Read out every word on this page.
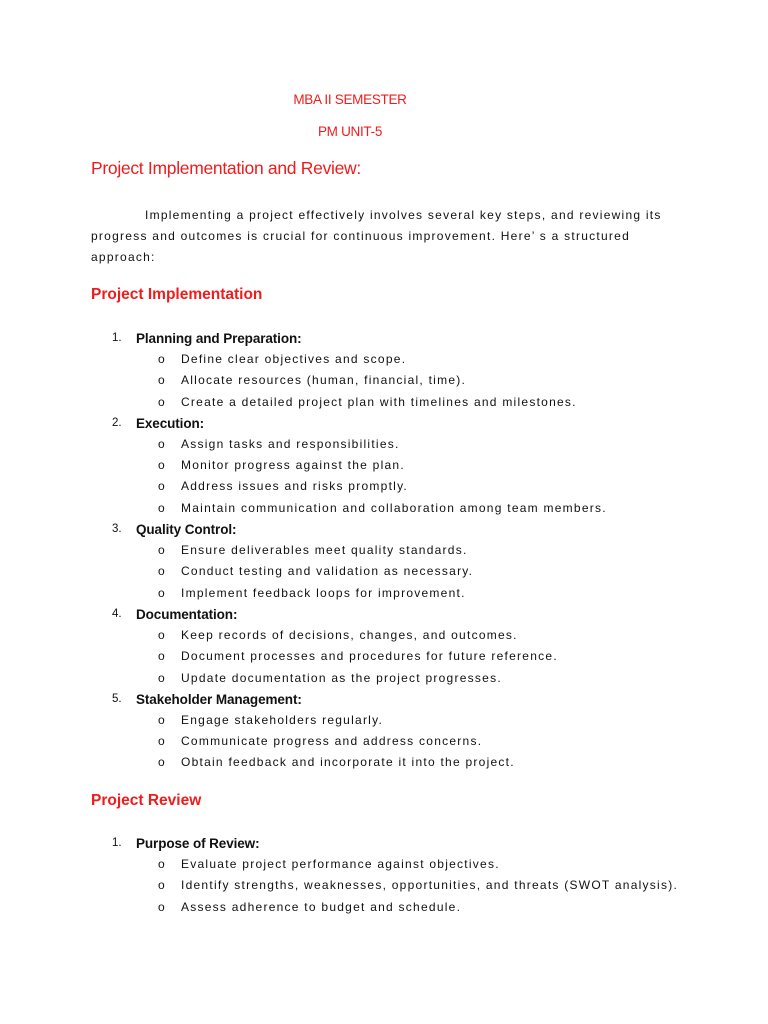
MBA II SEMESTER
PM UNIT-5
Project Implementation and Review:

Implementing a project effectively involves several key steps, and reviewing its progress and outcomes is crucial for continuous improvement. Here’ s a structured approach:

Project Implementation
1. Planning and Preparation:
o Define clear objectives and scope.
o Allocate resources (human, financial, time).
o Create a detailed project plan with timelines and milestones.
2. Execution:
o Assign tasks and responsibilities.
o Monitor progress against the plan.
o Address issues and risks promptly.
o Maintain communication and collaboration among team members.
3. Quality Control:
o Ensure deliverables meet quality standards.
o Conduct testing and validation as necessary.
o Implement feedback loops for improvement.
4. Documentation:
o Keep records of decisions, changes, and outcomes.
o Document processes and procedures for future reference.
o Update documentation as the project progresses.
5. Stakeholder Management:
o Engage stakeholders regularly.
o Communicate progress and address concerns.
o Obtain feedback and incorporate it into the project.
Project Review
1. Purpose of Review:
o Evaluate project performance against objectives.
o Identify strengths, weaknesses, opportunities, and threats (SWOT analysis).
o Assess adherence to budget and schedule.
